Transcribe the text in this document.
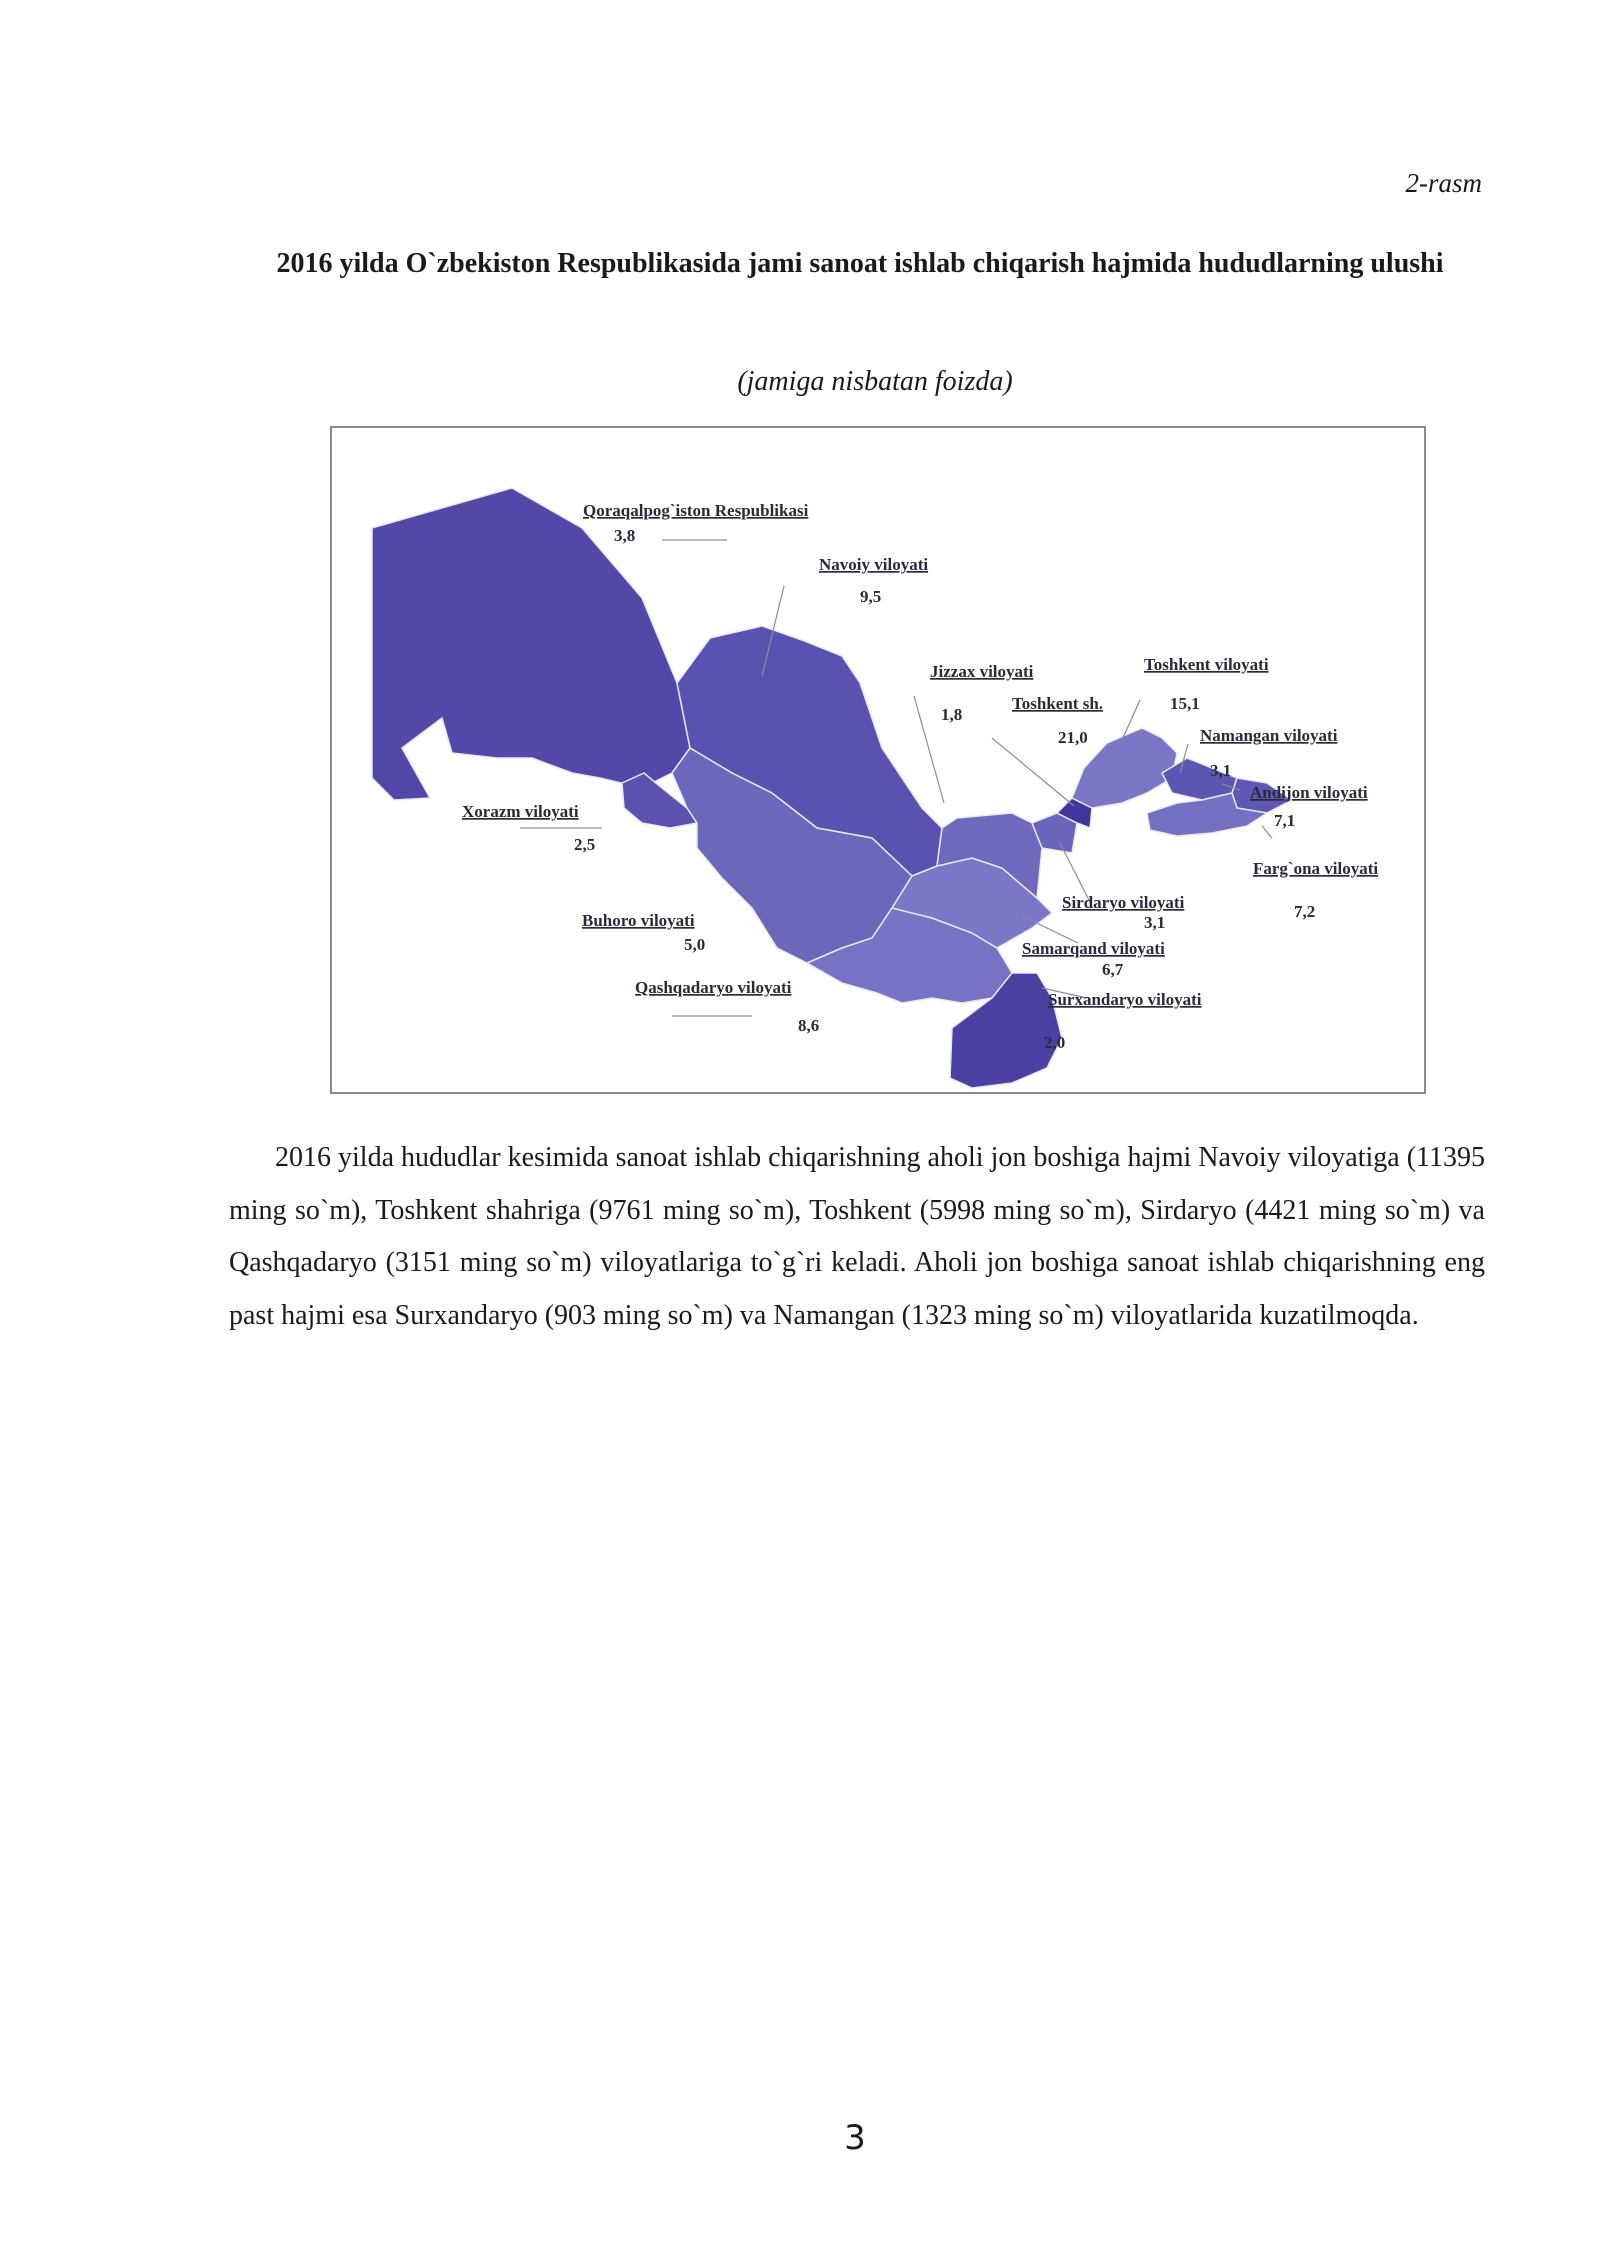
2-rasm
2016 yilda O`zbekiston Respublikasida jami sanoat ishlab chiqarish hajmida hududlarning ulushi
(jamiga nisbatan foizda)
Qoraqalpog`iston Respublikasi
3,8
Navoiy viloyati
9,5
Jizzax viloyati
1,8
Toshkent sh.
21,0
Toshkent viloyati
15,1
Namangan viloyati
3,1
Andijon viloyati
7,1
Farg`ona viloyati
7,2
Sirdaryo viloyati
3,1
Samarqand viloyati
6,7
Surxandaryo viloyati
2,0
Qashqadaryo viloyati
8,6
Buhoro viloyati
5,0
Xorazm viloyati
2,5
2016 yilda hududlar kesimida sanoat ishlab chiqarishning aholi jon boshiga hajmi Navoiy viloyatiga (11395 ming so`m), Toshkent shahriga (9761 ming so`m), Toshkent (5998 ming so`m), Sirdaryo (4421 ming so`m) va Qashqadaryo (3151 ming so`m) viloyatlariga to`g`ri keladi. Aholi jon boshiga sanoat ishlab chiqarishning eng past hajmi esa Surxandaryo (903 ming so`m) va Namangan (1323 ming so`m) viloyatlarida kuzatilmoqda.
3
